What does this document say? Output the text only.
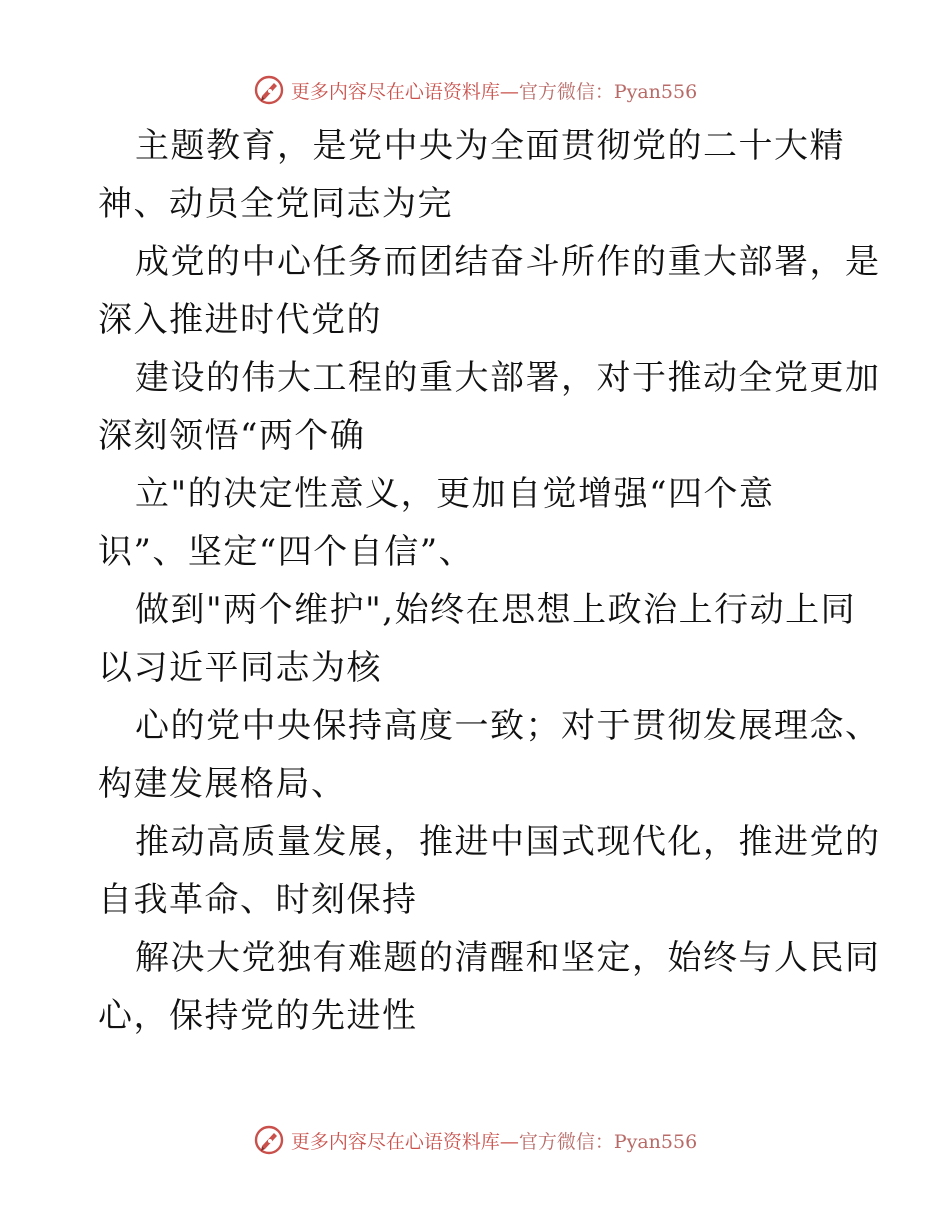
更多内容尽在心语资料库—官方微信：Pyan556
主题教育，是党中央为全面贯彻党的二十大精
神、动员全党同志为完
成党的中心任务而团结奋斗所作的重大部署，是
深入推进时代党的
建设的伟大工程的重大部署，对于推动全党更加
深刻领悟“两个确
立"的决定性意义，更加自觉增强“四个意
识”、坚定“四个自信”、
做到"两个维护",始终在思想上政治上行动上同
以习近平同志为核
心的党中央保持高度一致；对于贯彻发展理念、
构建发展格局、
推动高质量发展，推进中国式现代化，推进党的
自我革命、时刻保持
解决大党独有难题的清醒和坚定，始终与人民同
心，保持党的先进性
更多内容尽在心语资料库—官方微信：Pyan556
